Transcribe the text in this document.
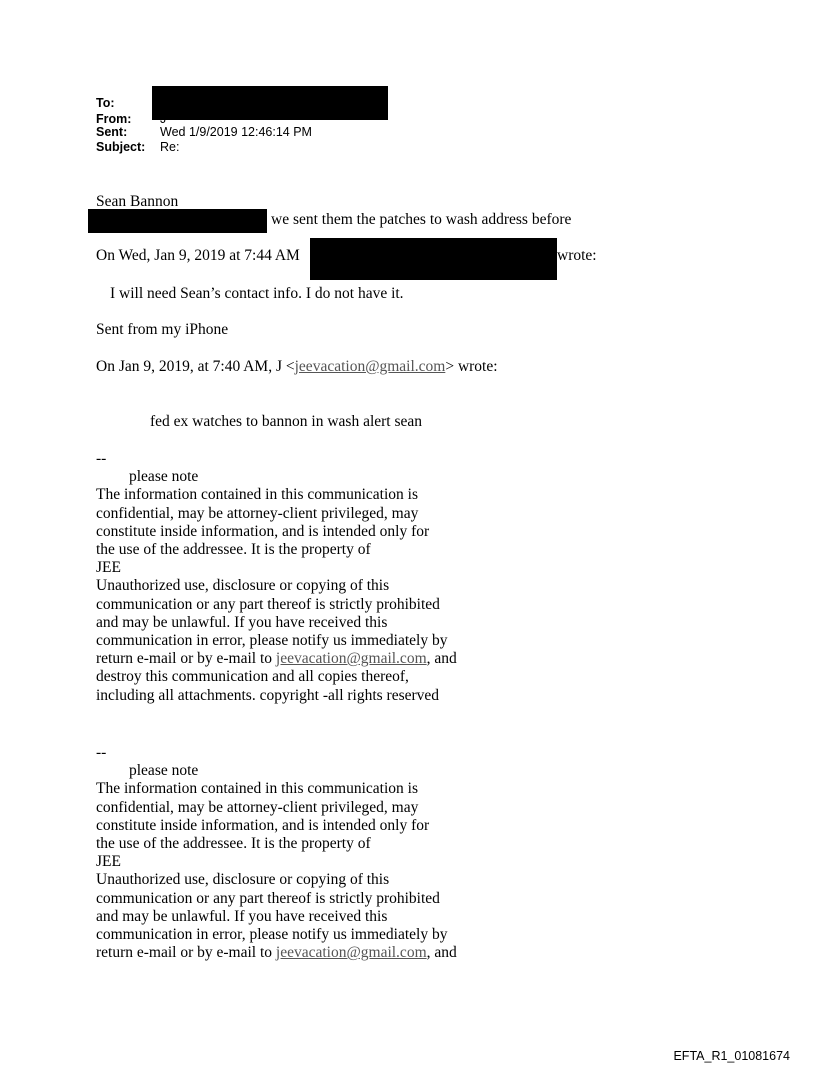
To:
From:
Sent:	Wed 1/9/2019 12:46:14 PM
Subject:	Re:
Sean Bannon
we sent them the patches to wash address before
On Wed, Jan 9, 2019 at 7:44 AM	wrote:
I will need Sean’s contact info. I do not have it.
Sent from my iPhone
On Jan 9, 2019, at 7:40 AM, J <jeevacation@gmail.com> wrote:
fed ex watches to bannon in wash alert sean
--
please note
The information contained in this communication is
confidential, may be attorney-client privileged, may
constitute inside information, and is intended only for
the use of the addressee. It is the property of
JEE
Unauthorized use, disclosure or copying of this
communication or any part thereof is strictly prohibited
and may be unlawful. If you have received this
communication in error, please notify us immediately by
return e-mail or by e-mail to jeevacation@gmail.com, and
destroy this communication and all copies thereof,
including all attachments. copyright -all rights reserved
--
please note
The information contained in this communication is
confidential, may be attorney-client privileged, may
constitute inside information, and is intended only for
the use of the addressee. It is the property of
JEE
Unauthorized use, disclosure or copying of this
communication or any part thereof is strictly prohibited
and may be unlawful. If you have received this
communication in error, please notify us immediately by
return e-mail or by e-mail to jeevacation@gmail.com, and
EFTA_R1_01081674
